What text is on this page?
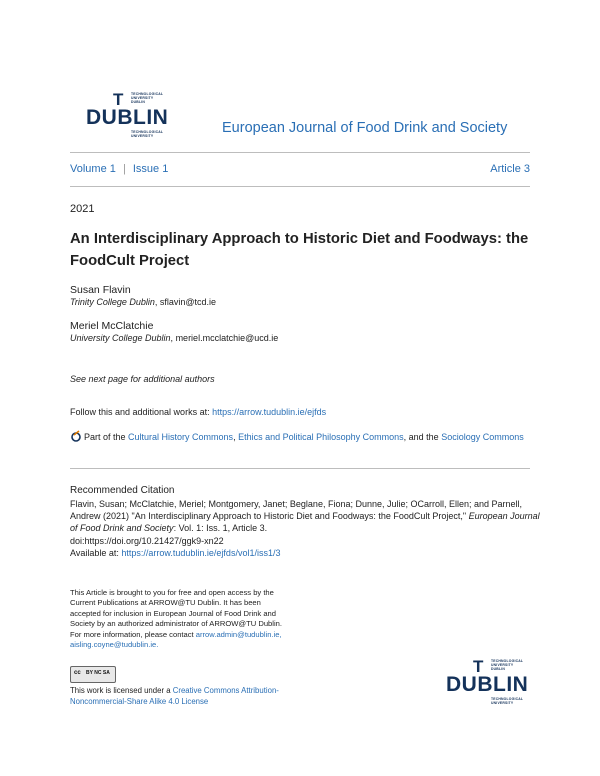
T TECHNOLOGICAL
UNIVERSITY
DUBLIN
DUBLIN
TECHNOLOGICAL
UNIVERSITY	European Journal of Food Drink and Society
Volume 1 | Issue 1	Article 3
2021
An Interdisciplinary Approach to Historic Diet and Foodways: the FoodCult Project
Susan Flavin
Trinity College Dublin, sflavin@tcd.ie
Meriel McClatchie
University College Dublin, meriel.mcclatchie@ucd.ie
See next page for additional authors
Follow this and additional works at: https://arrow.tudublin.ie/ejfds
Part of the Cultural History Commons, Ethics and Political Philosophy Commons, and the Sociology Commons
Recommended Citation
Flavin, Susan; McClatchie, Meriel; Montgomery, Janet; Beglane, Fiona; Dunne, Julie; OCarroll, Ellen; and Parnell, Andrew (2021) "An Interdisciplinary Approach to Historic Diet and Foodways: the FoodCult Project," European Journal of Food Drink and Society: Vol. 1: Iss. 1, Article 3.
doi:https://doi.org/10.21427/ggk9-xn22
Available at: https://arrow.tudublin.ie/ejfds/vol1/iss1/3
This Article is brought to you for free and open access by the Current Publications at ARROW@TU Dublin. It has been accepted for inclusion in European Journal of Food Drink and Society by an authorized administrator of ARROW@TU Dublin. For more information, please contact arrow.admin@tudublin.ie,
aisling.coyne@tudublin.ie.
cc BY NC SA
This work is licensed under a Creative Commons Attribution-Noncommercial-Share Alike 4.0 License
T TECHNOLOGICAL
UNIVERSITY
DUBLIN
DUBLIN
TECHNOLOGICAL
UNIVERSITY
